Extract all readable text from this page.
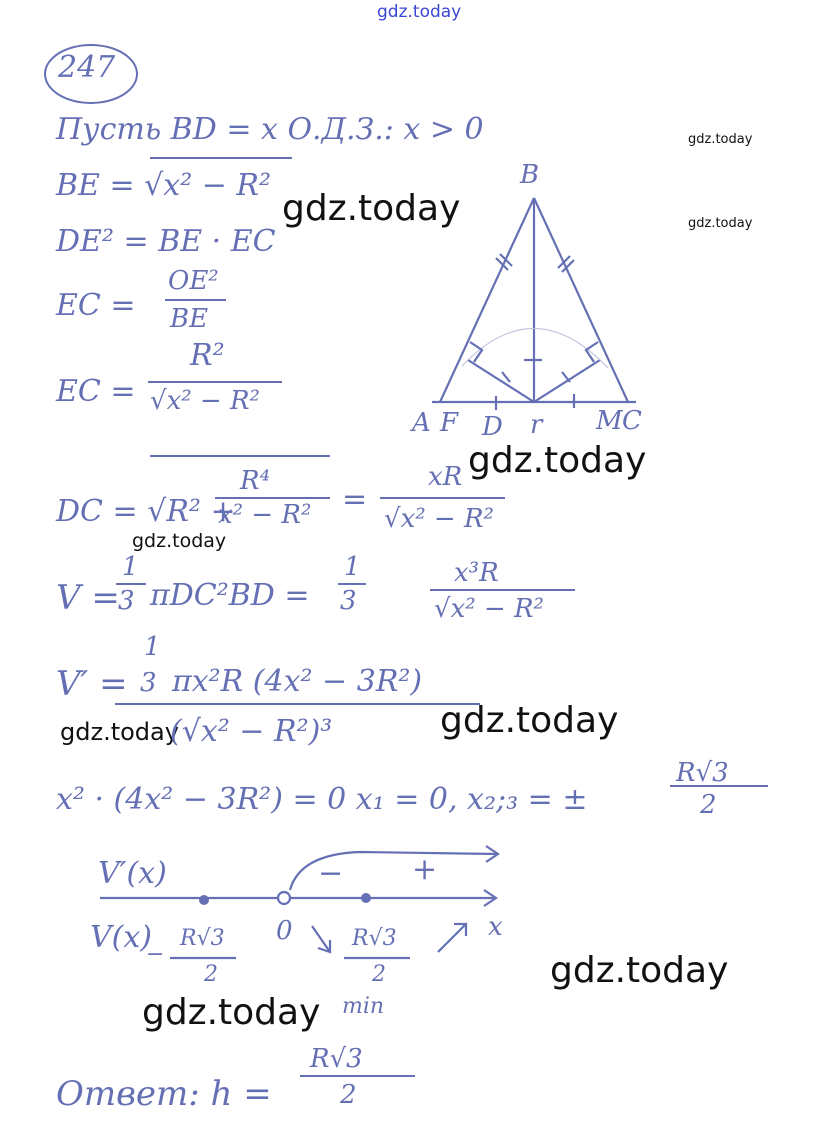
gdz.today
gdz.today
gdz.today
gdz.today
gdz.today
gdz.today
gdz.today	gdz.today
gdz.today
gdz.today
247
Пусть BD = x О.Д.З.: x > 0
BE = √x² − R²
DE² = BE · EC
EC =
OE²
BE
EC =
R²
√x² − R²
DC = √R² +
R⁴
x² − R² =
xR
√x² − R²
V =
1
3 πDC²BD =
1
3
x³R
√x² − R²
V′ =
1
3 πx²R (4x² − 3R²)
(√x² − R²)³
x² · (4x² − 3R²) = 0 x₁ = 0, x₂;₃ = ±
R√3
2
Ответ: h =
R√3
2
B
A F D r M C
V′(x)
V(x)
− +
0	x
R√3
2
−
R√3
2
min
